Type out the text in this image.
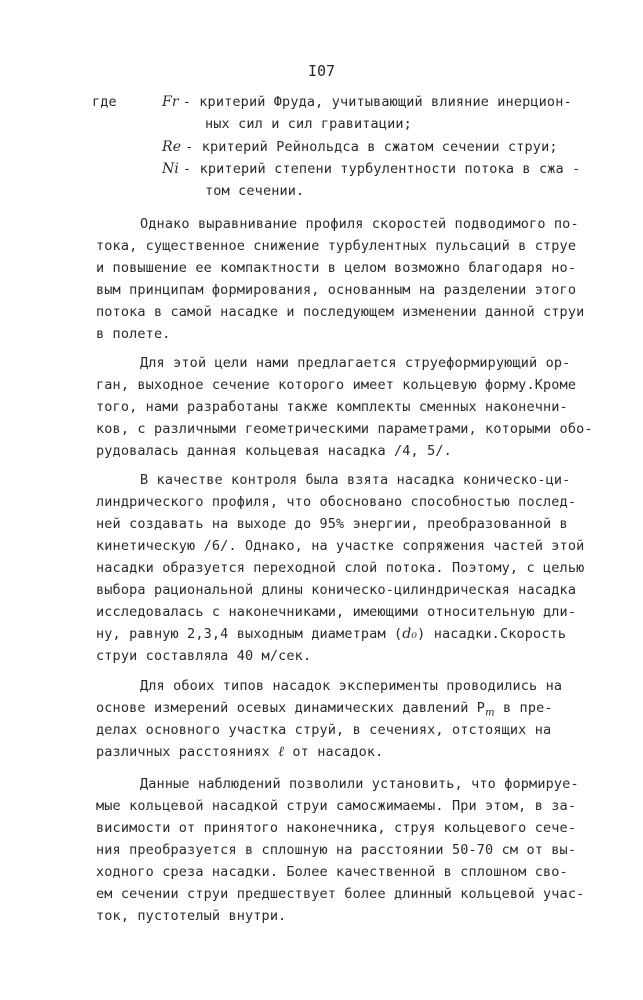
I07
где	Fr - критерий Фруда, учитывающий влияние инерцион-
ных сил и сил гравитации;
Re - критерий Рейнольдса в сжатом сечении струи;
Ni - критерий степени турбулентности потока в сжа -
том сечении.
Однако выравнивание профиля скоростей подводимого по-
тока, существенное снижение турбулентных пульсаций в струе
и повышение ее компактности в целом возможно благодаря но-
вым принципам формирования, основанным на разделении этого
потока в самой насадке и последующем изменении данной струи
в полете.
Для этой цели нами предлагается струеформирующий ор-
ган, выходное сечение которого имеет кольцевую форму.Кроме
того, нами разработаны также комплекты сменных наконечни-
ков, с различными геометрическими параметрами, которыми обо-
рудовалась данная кольцевая насадка /4, 5/.
В качестве контроля была взята насадка коническо-ци-
линдрического профиля, что обосновано способностью послед-
ней создавать на выходе до 95% энергии, преобразованной в
кинетическую /6/. Однако, на участке сопряжения частей этой
насадки образуется переходной слой потока. Поэтому, с целью
выбора рациональной длины коническо-цилиндрическая насадка
исследовалась с наконечниками, имеющими относительную дли-
ну, равную 2,3,4 выходным диаметрам (d₀) насадки.Скорость
струи составляла 40 м/сек.
Для обоих типов насадок эксперименты проводились на
основе измерений осевых динамических давлений $P_m$ в пре-
делах основного участка струй, в сечениях, отстоящих на
различных расстояниях ℓ от насадок.
Данные наблюдений позволили установить, что формируе-
мые кольцевой насадкой струи самосжимаемы. При этом, в за-
висимости от принятого наконечника, струя кольцевого сече-
ния преобразуется в сплошную на расстоянии 50-70 см от вы-
ходного среза насадки. Более качественной в сплошном сво-
ем сечении струи предшествует более длинный кольцевой учас-
ток, пустотелый внутри.
